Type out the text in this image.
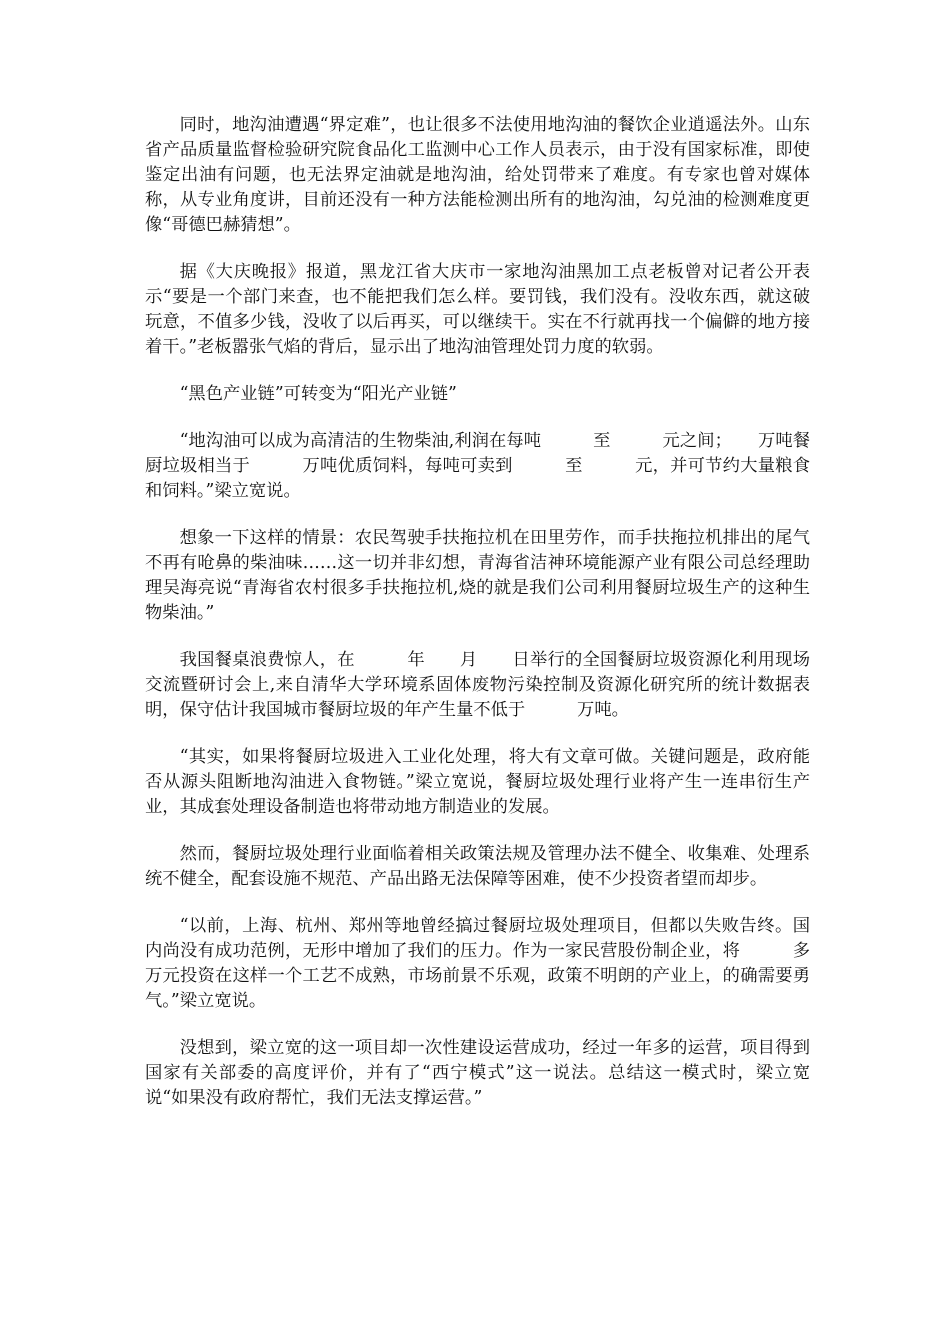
同时，地沟油遭遇“界定难”，也让很多不法使用地沟油的餐饮企业逍遥法外。山东省产品质量监督检验研究院食品化工监测中心工作人员表示，由于没有国家标准，即使鉴定出油有问题，也无法界定油就是地沟油，给处罚带来了难度。有专家也曾对媒体称，从专业角度讲，目前还没有一种方法能检测出所有的地沟油，勾兑油的检测难度更像“哥德巴赫猜想”。

据《大庆晚报》报道，黑龙江省大庆市一家地沟油黑加工点老板曾对记者公开表示“要是一个部门来查，也不能把我们怎么样。要罚钱，我们没有。没收东西，就这破玩意，不值多少钱，没收了以后再买，可以继续干。实在不行就再找一个偏僻的地方接着干。”老板嚣张气焰的背后，显示出了地沟油管理处罚力度的软弱。

“黑色产业链”可转变为“阳光产业链”

“地沟油可以成为高清洁的生物柴油,利润在每吨　　　至　　　元之间；　　万吨餐厨垃圾相当于　　　万吨优质饲料，每吨可卖到　　　至　　　元，并可节约大量粮食和饲料。”梁立宽说。

想象一下这样的情景：农民驾驶手扶拖拉机在田里劳作，而手扶拖拉机排出的尾气不再有呛鼻的柴油味……这一切并非幻想，青海省洁神环境能源产业有限公司总经理助理吴海亮说“青海省农村很多手扶拖拉机,烧的就是我们公司利用餐厨垃圾生产的这种生物柴油。”

我国餐桌浪费惊人，在　　　年　　月　　日举行的全国餐厨垃圾资源化利用现场交流暨研讨会上,来自清华大学环境系固体废物污染控制及资源化研究所的统计数据表明，保守估计我国城市餐厨垃圾的年产生量不低于　　　万吨。

“其实，如果将餐厨垃圾进入工业化处理，将大有文章可做。关键问题是，政府能否从源头阻断地沟油进入食物链。”梁立宽说，餐厨垃圾处理行业将产生一连串衍生产业，其成套处理设备制造也将带动地方制造业的发展。

然而，餐厨垃圾处理行业面临着相关政策法规及管理办法不健全、收集难、处理系统不健全，配套设施不规范、产品出路无法保障等困难，使不少投资者望而却步。

“以前，上海、杭州、郑州等地曾经搞过餐厨垃圾处理项目，但都以失败告终。国内尚没有成功范例，无形中增加了我们的压力。作为一家民营股份制企业，将　　　多万元投资在这样一个工艺不成熟，市场前景不乐观，政策不明朗的产业上，的确需要勇气。”梁立宽说。

没想到，梁立宽的这一项目却一次性建设运营成功，经过一年多的运营，项目得到国家有关部委的高度评价，并有了“西宁模式”这一说法。总结这一模式时，梁立宽说“如果没有政府帮忙，我们无法支撑运营。”
